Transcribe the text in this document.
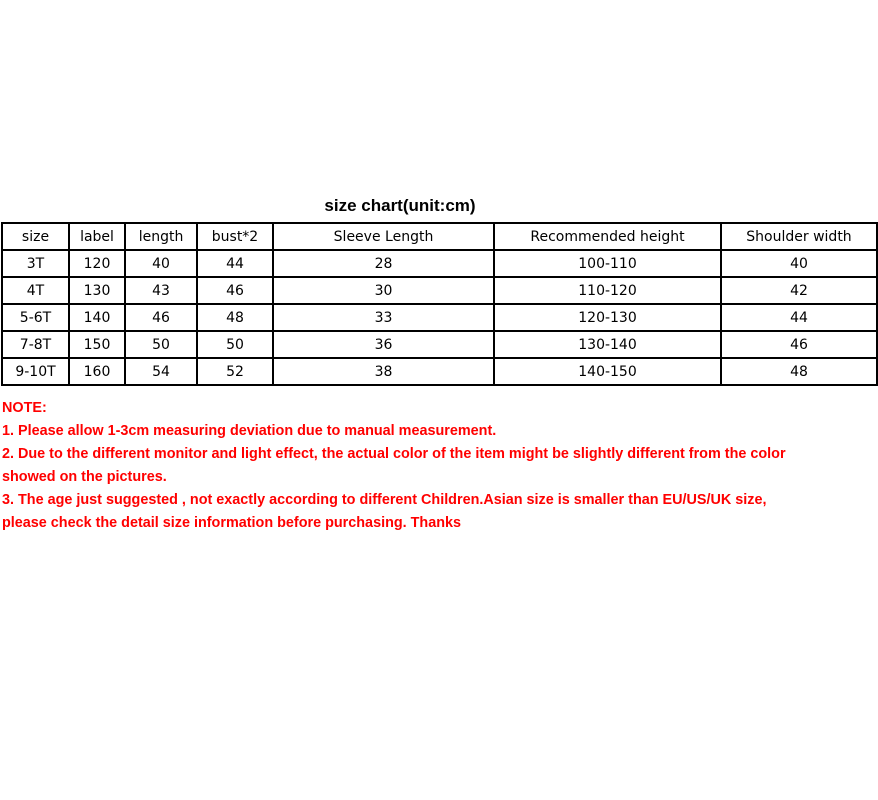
size chart(unit:cm)
size	label	length	bust*2	Sleeve Length	Recommended height	Shoulder width
3T	120	40	44	28	100-110	40
4T	130	43	46	30	110-120	42
5-6T	140	46	48	33	120-130	44
7-8T	150	50	50	36	130-140	46
9-10T	160	54	52	38	140-150	48

NOTE:

1. Please allow 1-3cm measuring deviation due to manual measurement.

2. Due to the different monitor and light effect, the actual color of the item might be slightly different from the color showed on the pictures.

3. The age just suggested , not exactly according to different Children.Asian size is smaller than EU/US/UK size, please check the detail size information before purchasing. Thanks
